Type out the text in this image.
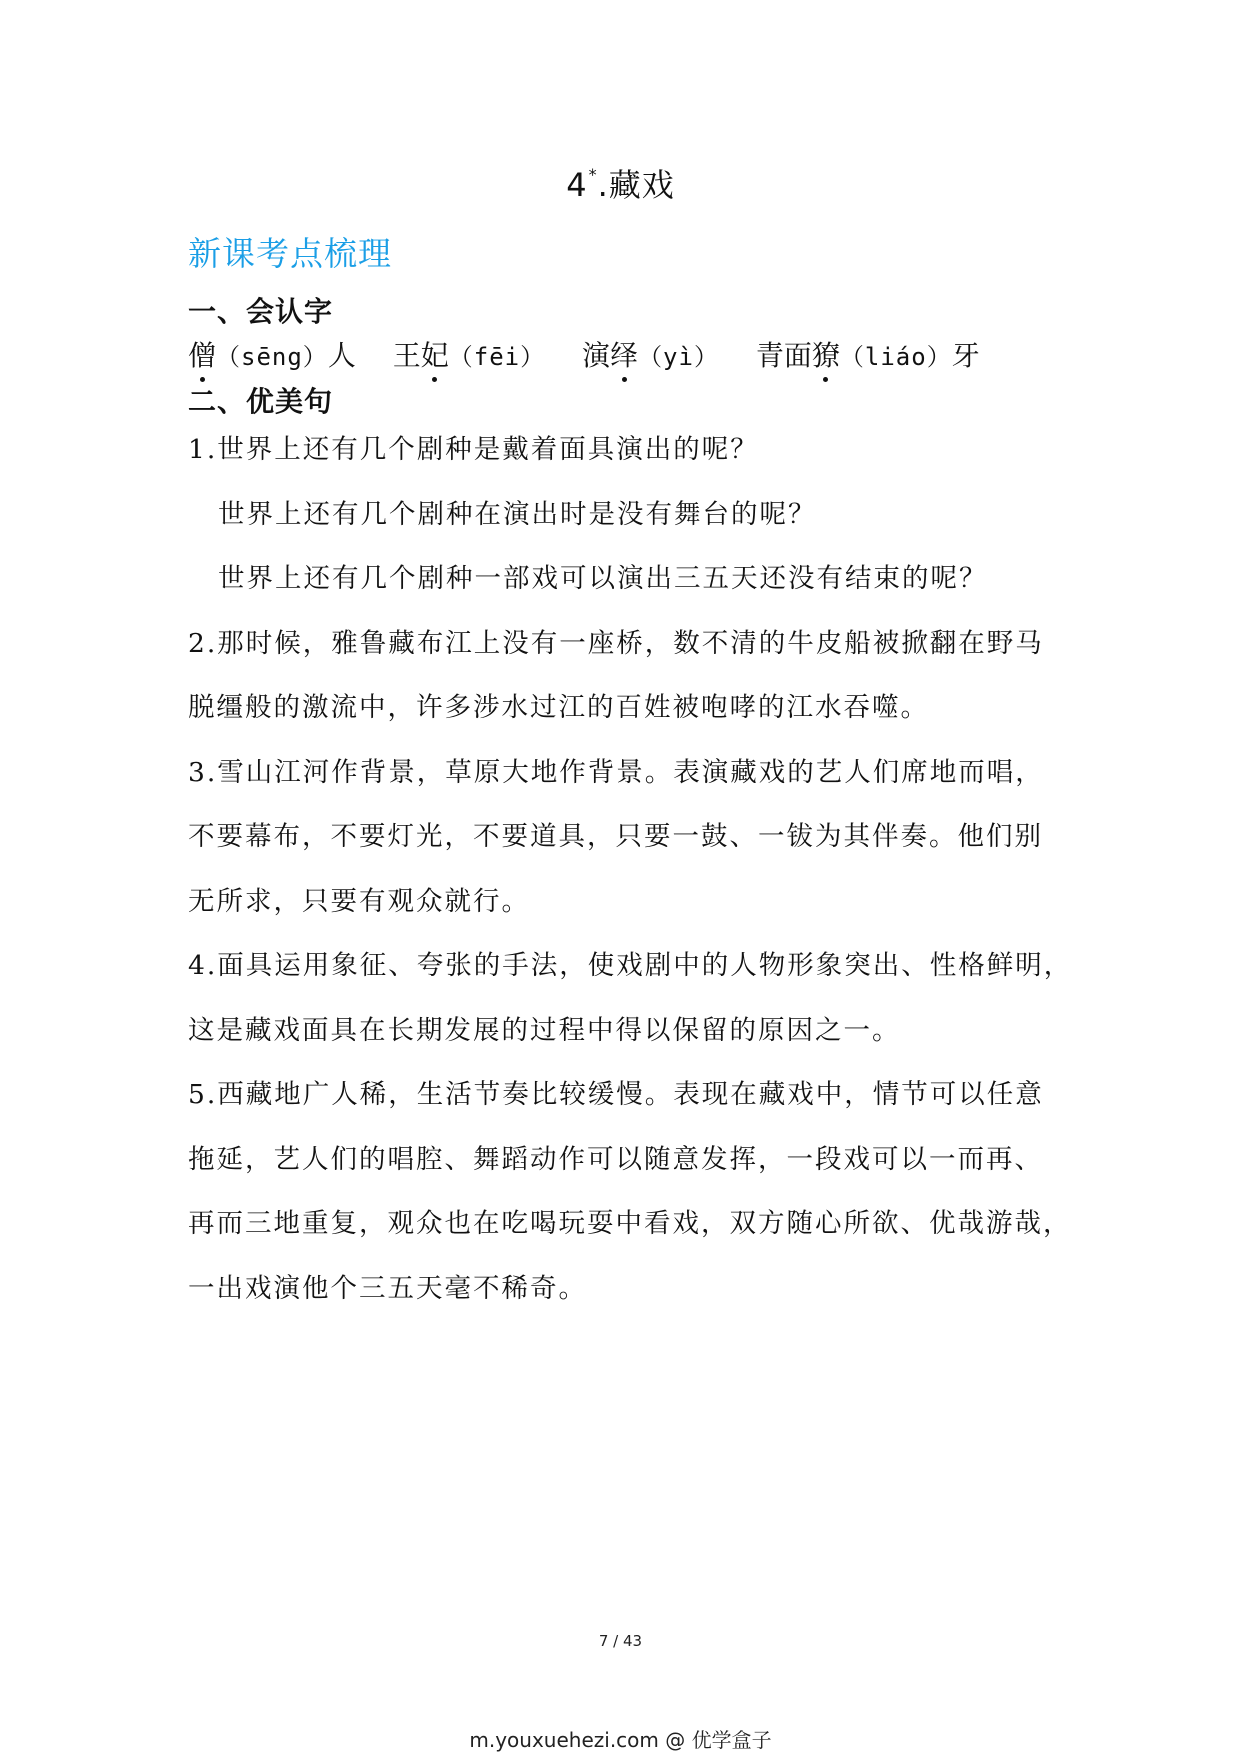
4*.藏戏
新课考点梳理
一、会认字
僧（sēng）人 王妃（fēi） 演绎（yì） 青面獠（liáo）牙
二、优美句
1.世界上还有几个剧种是戴着面具演出的呢？
世界上还有几个剧种在演出时是没有舞台的呢？
世界上还有几个剧种一部戏可以演出三五天还没有结束的呢？
2.那时候，雅鲁藏布江上没有一座桥，数不清的牛皮船被掀翻在野马
脱缰般的激流中，许多涉水过江的百姓被咆哮的江水吞噬。
3.雪山江河作背景，草原大地作背景。表演藏戏的艺人们席地而唱，
不要幕布，不要灯光，不要道具，只要一鼓、一钹为其伴奏。他们别
无所求，只要有观众就行。
4.面具运用象征、夸张的手法，使戏剧中的人物形象突出、性格鲜明，
这是藏戏面具在长期发展的过程中得以保留的原因之一。
5.西藏地广人稀，生活节奏比较缓慢。表现在藏戏中，情节可以任意
拖延，艺人们的唱腔、舞蹈动作可以随意发挥，一段戏可以一而再、
再而三地重复，观众也在吃喝玩耍中看戏，双方随心所欲、优哉游哉，
一出戏演他个三五天毫不稀奇。
7 / 43
m.youxuehezi.com @ 优学盒子
